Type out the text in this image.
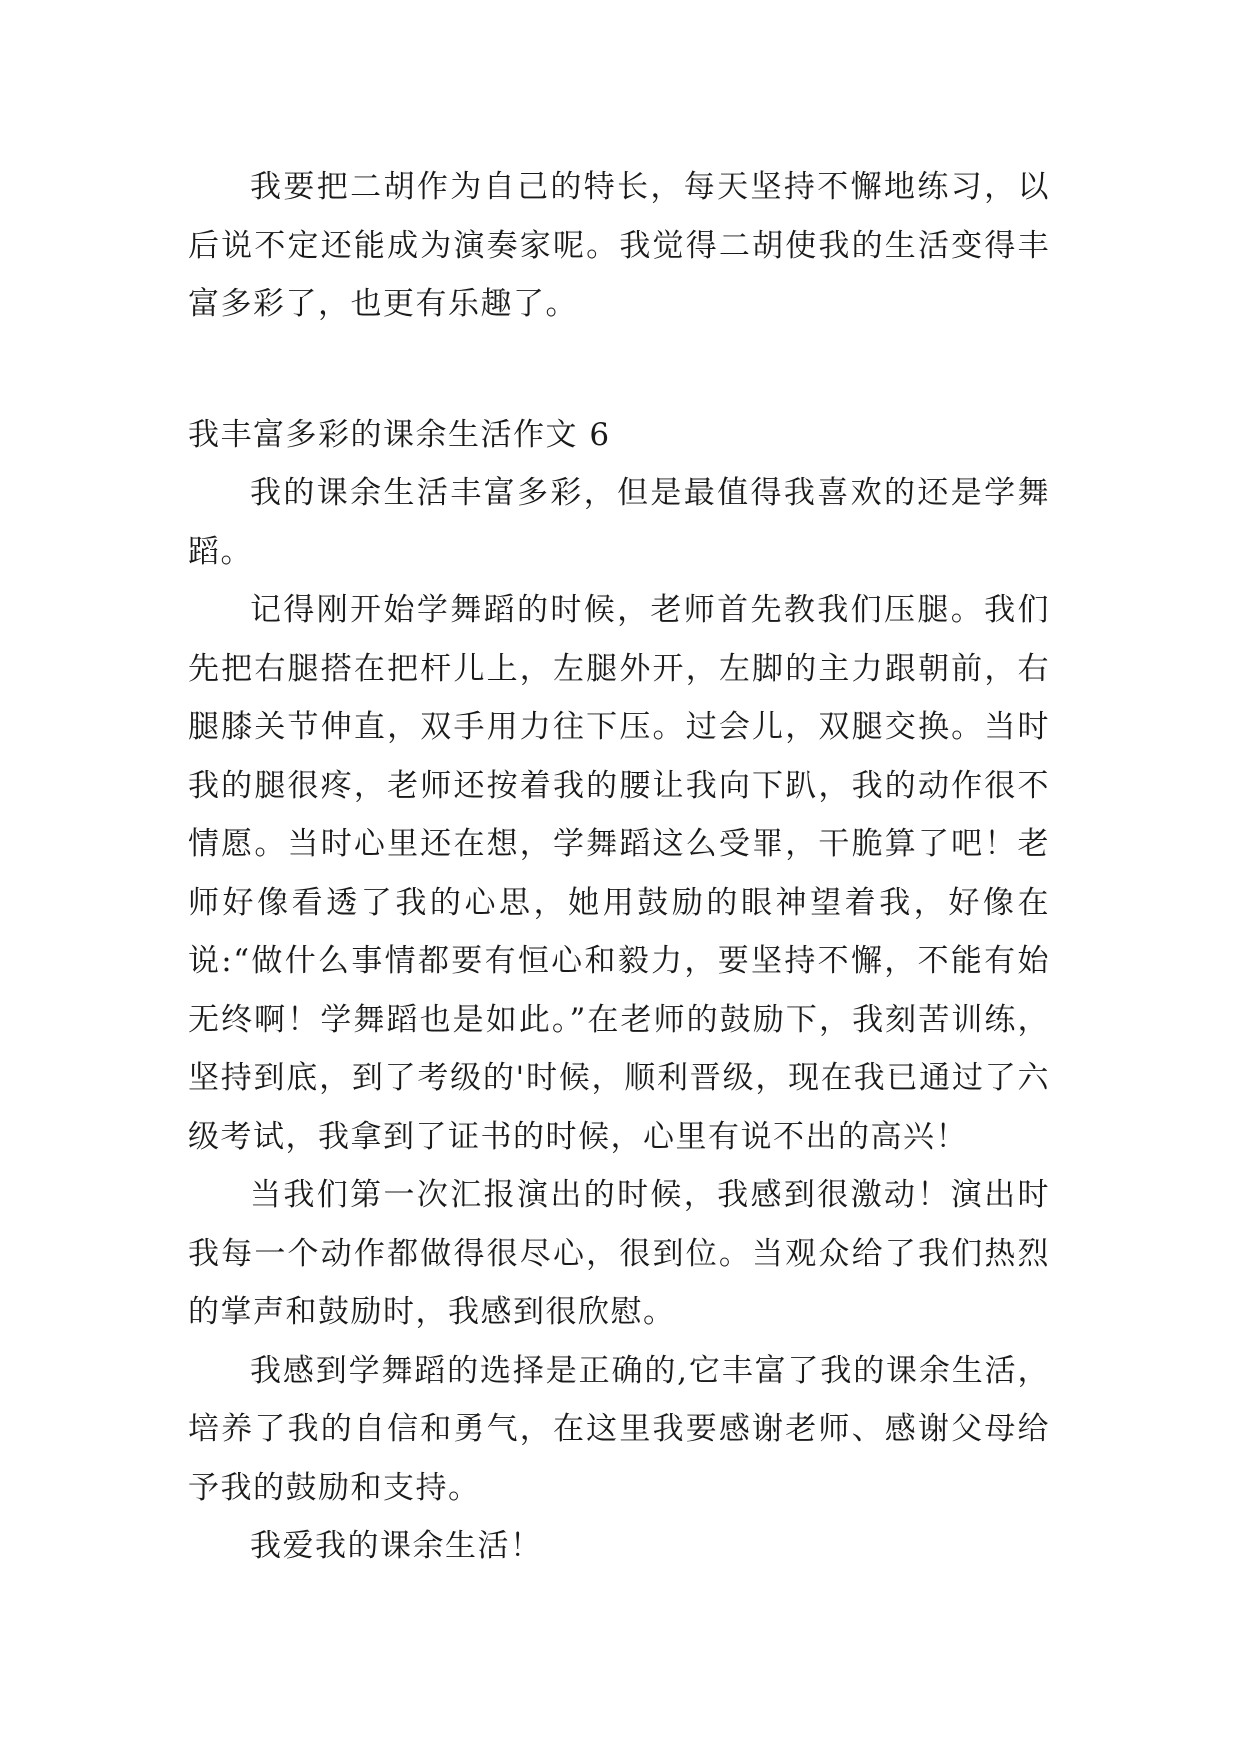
我要把二胡作为自己的特长，每天坚持不懈地练习，以后说不定还能成为演奏家呢。我觉得二胡使我的生活变得丰富多彩了，也更有乐趣了。

我丰富多彩的课余生活作文 6

我的课余生活丰富多彩，但是最值得我喜欢的还是学舞蹈。

记得刚开始学舞蹈的时候，老师首先教我们压腿。我们先把右腿搭在把杆儿上，左腿外开，左脚的主力跟朝前，右腿膝关节伸直，双手用力往下压。过会儿，双腿交换。当时我的腿很疼，老师还按着我的腰让我向下趴，我的动作很不情愿。当时心里还在想，学舞蹈这么受罪，干脆算了吧！老师好像看透了我的心思，她用鼓励的眼神望着我，好像在说:“做什么事情都要有恒心和毅力，要坚持不懈，不能有始无终啊！学舞蹈也是如此。”在老师的鼓励下，我刻苦训练，坚持到底，到了考级的'时候，顺利晋级，现在我已通过了六级考试，我拿到了证书的时候，心里有说不出的高兴！

当我们第一次汇报演出的时候，我感到很激动！演出时我每一个动作都做得很尽心，很到位。当观众给了我们热烈的掌声和鼓励时，我感到很欣慰。

我感到学舞蹈的选择是正确的,它丰富了我的课余生活，培养了我的自信和勇气，在这里我要感谢老师、感谢父母给予我的鼓励和支持。

我爱我的课余生活！
